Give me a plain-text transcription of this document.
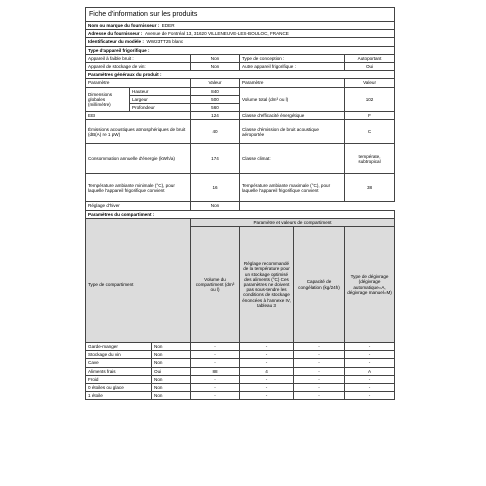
Fiche d'information sur les produits						
Nom ou marque du fournisseur : EDER						
Adresse du fournisseur : Avenue de Fontréal 13, 31620 VILLENEUVE-LES-BOULOC, FRANCE						
Identificateur du modèle : WW23TT25 blanc						
Type d'appareil frigorifique :						
Appareil à faible bruit :			Non	Type de conception :		Autoportant
Appareil de stockage de vin:			Non	Autre appareil frigorifique :		Oui
Paramètres généraux du produit :						
Paramètre			Valeur	Paramètre		Valeur
Dimensions globales (millimètre)	Hauteur		840	Volume total (dm³ ou l)		102
	Largeur		500			
	Profondeur		560			
EEI			124	Classe d'efficacité énergétique		F
Émissions acoustiques atmosphériques de bruit (dB(A) re 1 pW)			40	Classe d'émission de bruit acoustique aéroportée		C
Consommation annuelle d'énergie (kWh/a)			174	Classe climat:		températe, subtropical
Température ambiante minimale (°C), pour laquelle l'appareil frigorifique convient			16	Température ambiante maximale (°C), pour laquelle l'appareil frigorifique convient		38
Réglage d'hiver			Non			
Paramètres du compartiment :						
			Paramètre et valeurs de compartiment			
Type de compartiment			Volume du compartiment (dm³ ou l)	Réglage recommandé de la température pour un stockage optimisé des aliments (°C) Ces paramètres ne doivent pas sous-tendre les conditions de stockage énoncées à l'annexe IV, tableau 3	Capacité de congélation (kg/24h)	Type de dégivrage (dégivrage automatique=A, dégivrage manuel=M)
Garde-manger		Non	-	-	-	-
Stockage du vin		Non	-	-	-	-
Cave		Non	-	-	-	-
Aliments frais		Oui	88	4	-	A
Froid		Non	-	-	-	-
0 étoiles ou glace		Non	-	-	-	-
1 étoile		Non	-	-	-	-
